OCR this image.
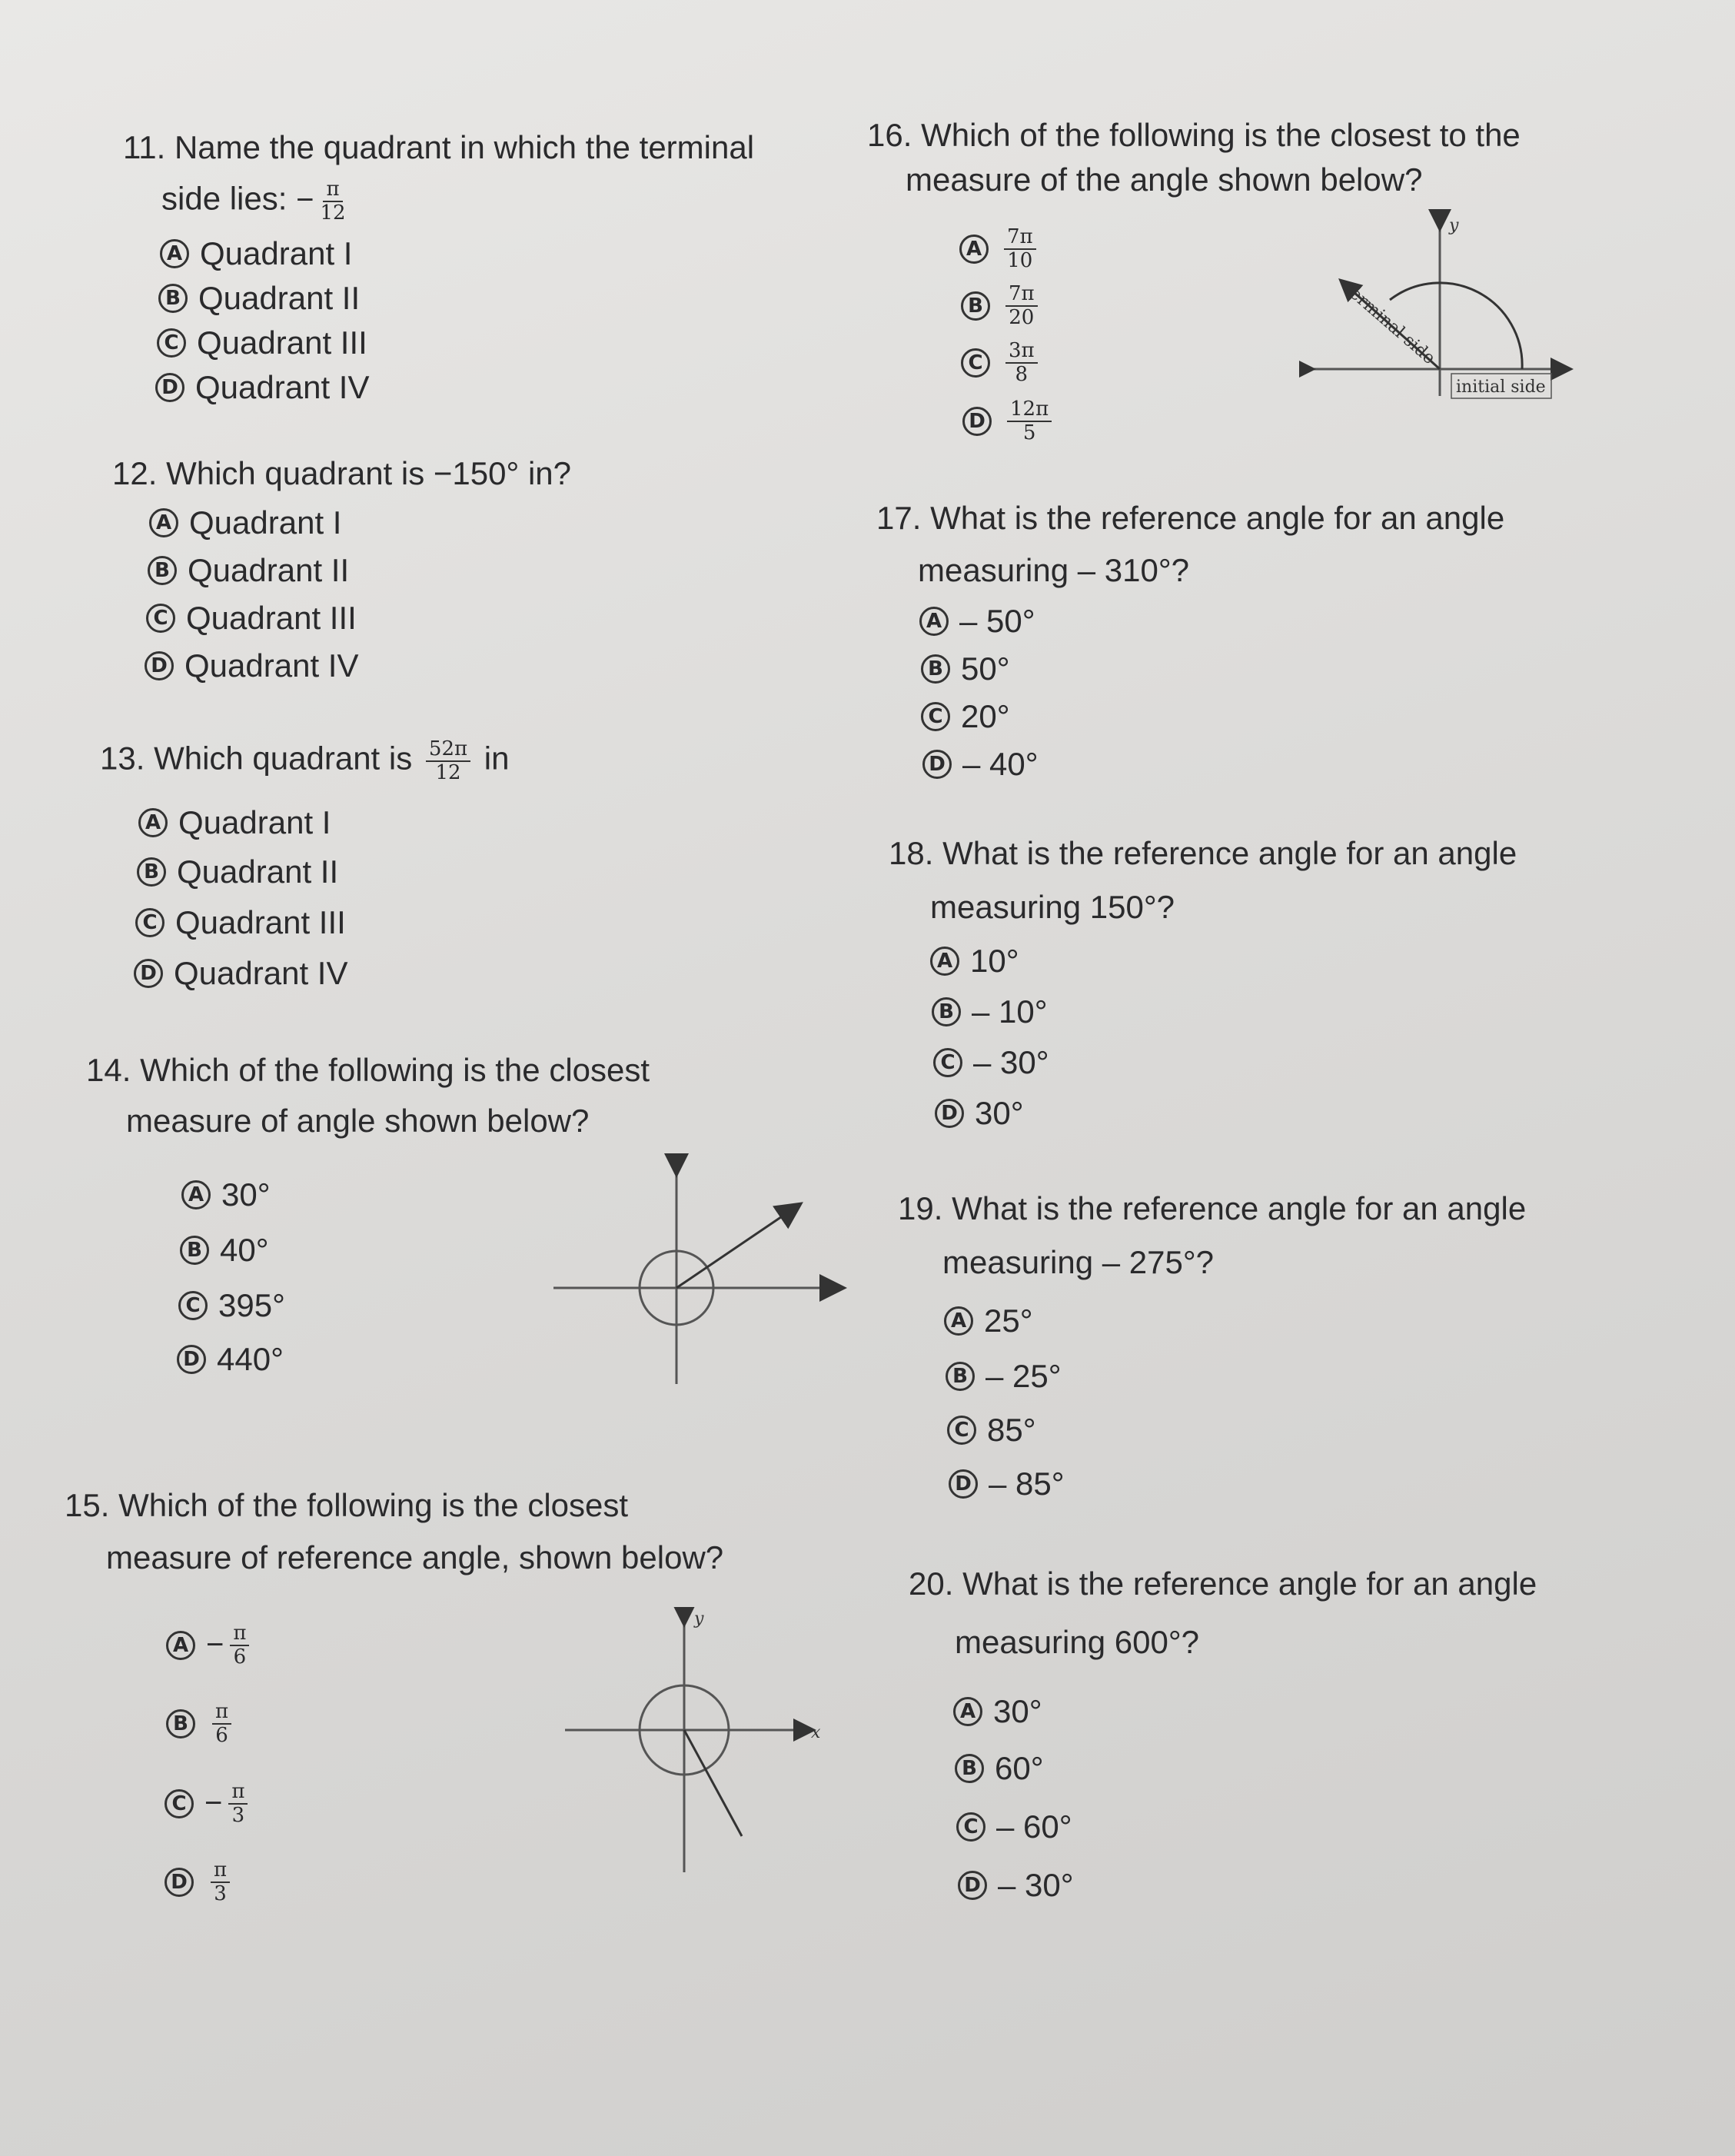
11. Name the quadrant in which the terminal
side lies: − $\frac{\pi}{12}$
A Quadrant I
B Quadrant II
C Quadrant III
D Quadrant IV
12. Which quadrant is −150° in?
A Quadrant I
B Quadrant II
C Quadrant III
D Quadrant IV
13. Which quadrant is $\frac{52\pi}{12}$ in
A Quadrant I
B Quadrant II
C Quadrant III
D Quadrant IV
14. Which of the following is the closest
measure of angle shown below?
A 30°
B 40°
C 395°
D 440°
15. Which of the following is the closest
measure of reference angle, shown below?
$A - \frac{\pi}{6}$
B	$\frac{\pi}{6}$
$C - \frac{\pi}{3}$
D	$\frac{\pi}{3}$
y
x
16. Which of the following is the closest to the
measure of the angle shown below?
A	$\frac{7\pi}{10}$
B	$\frac{7\pi}{20}$
C	$\frac{3\pi}{8}$
D	$\frac{12\pi}{5}$
y
terminal side
initial side
17. What is the reference angle for an angle
measuring – 310°?
A – 50°
B 50°
C 20°
D – 40°
18. What is the reference angle for an angle
measuring 150°?
A 10°
B – 10°
C – 30°
D 30°
19. What is the reference angle for an angle
measuring – 275°?
A 25°
B – 25°
C 85°
D – 85°
20. What is the reference angle for an angle
measuring 600°?
A 30°
B 60°
C – 60°
D – 30°
